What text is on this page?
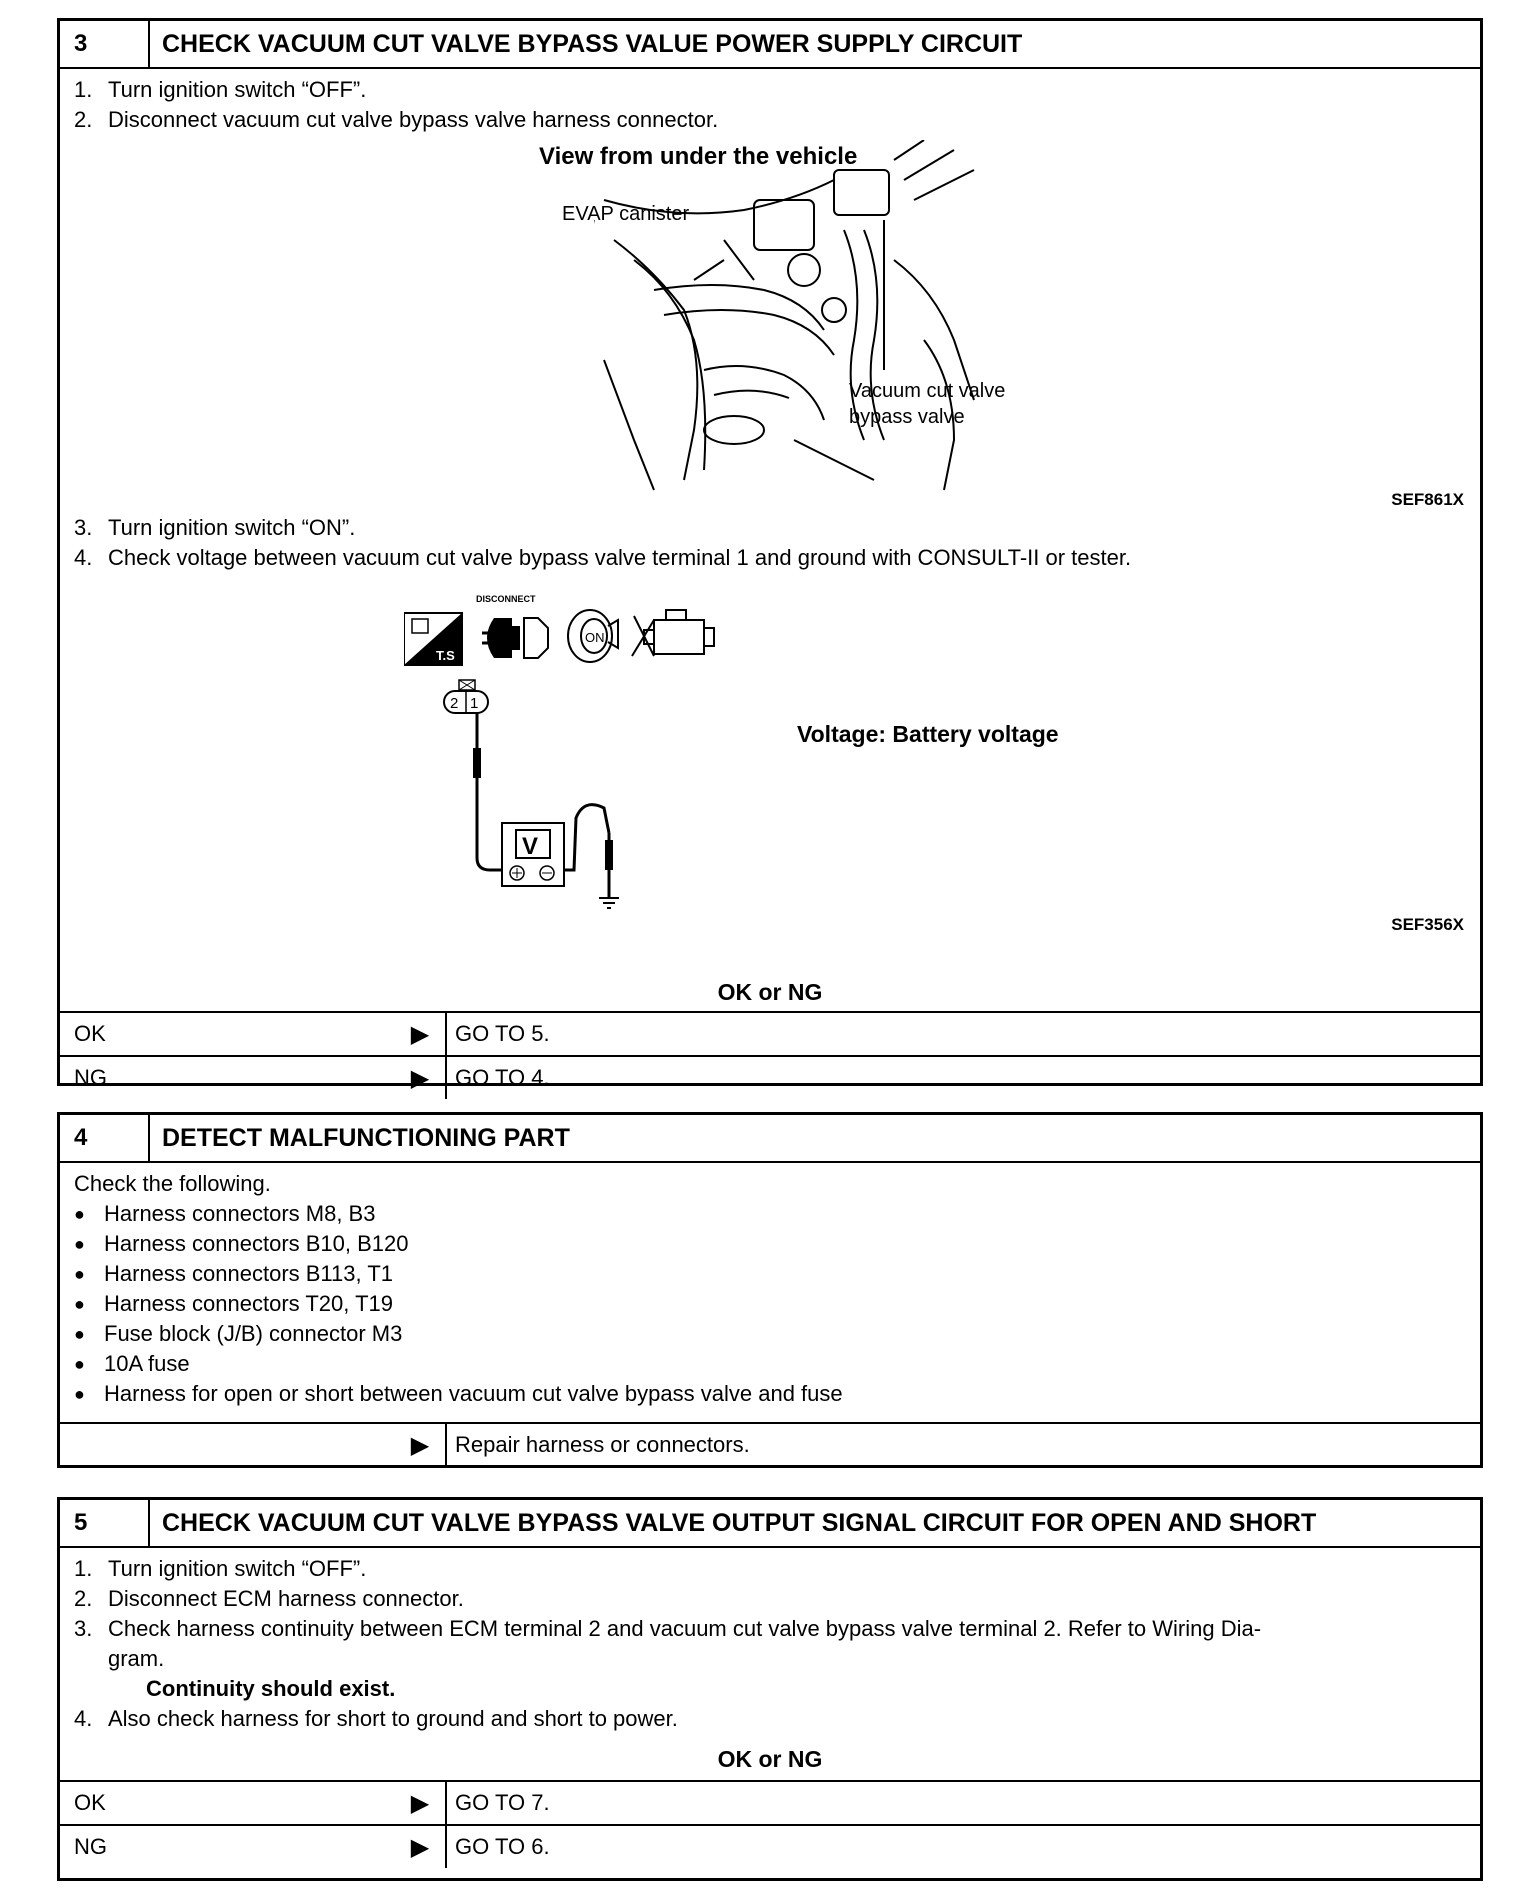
3	CHECK VACUUM CUT VALVE BYPASS VALUE POWER SUPPLY CIRCUIT
1. Turn ignition switch “OFF”.
2. Disconnect vacuum cut valve bypass valve harness connector.
View from under the vehicle
EVAP canister
Vacuum cut valve
bypass valve
SEF861X
3. Turn ignition switch “ON”.
4. Check voltage between vacuum cut valve bypass valve terminal 1 and ground with CONSULT-II or tester.
T.S
DISCONNECT
ON
2 1
V
Voltage: Battery voltage
SEF356X
OK or NG
OK	▶	GO TO 5.
NG	▶	GO TO 4.
4	DETECT MALFUNCTIONING PART
Check the following.
● Harness connectors M8, B3
● Harness connectors B10, B120
● Harness connectors B113, T1
● Harness connectors T20, T19
● Fuse block (J/B) connector M3
● 10A fuse
● Harness for open or short between vacuum cut valve bypass valve and fuse
▶	Repair harness or connectors.
5	CHECK VACUUM CUT VALVE BYPASS VALVE OUTPUT SIGNAL CIRCUIT FOR OPEN AND SHORT
1. Turn ignition switch “OFF”.
2. Disconnect ECM harness connector.
3. Check harness continuity between ECM terminal 2 and vacuum cut valve bypass valve terminal 2. Refer to Wiring Dia-
gram.
Continuity should exist.
4. Also check harness for short to ground and short to power.
OK or NG
OK	▶	GO TO 7.
NG	▶	GO TO 6.
